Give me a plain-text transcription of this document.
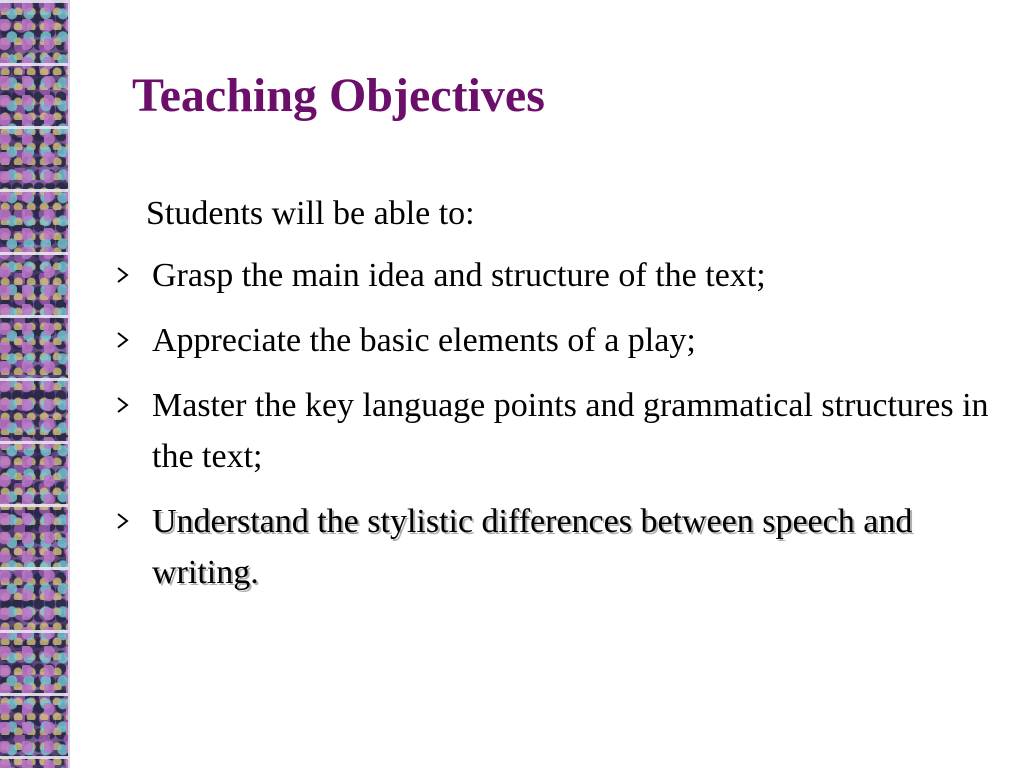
Teaching Objectives

Students will be able to:

Grasp the main idea and structure of the text;
Appreciate the basic elements of a play;
Master the key language points and grammatical structures in the text;
Understand the stylistic differences between speech and writing.
